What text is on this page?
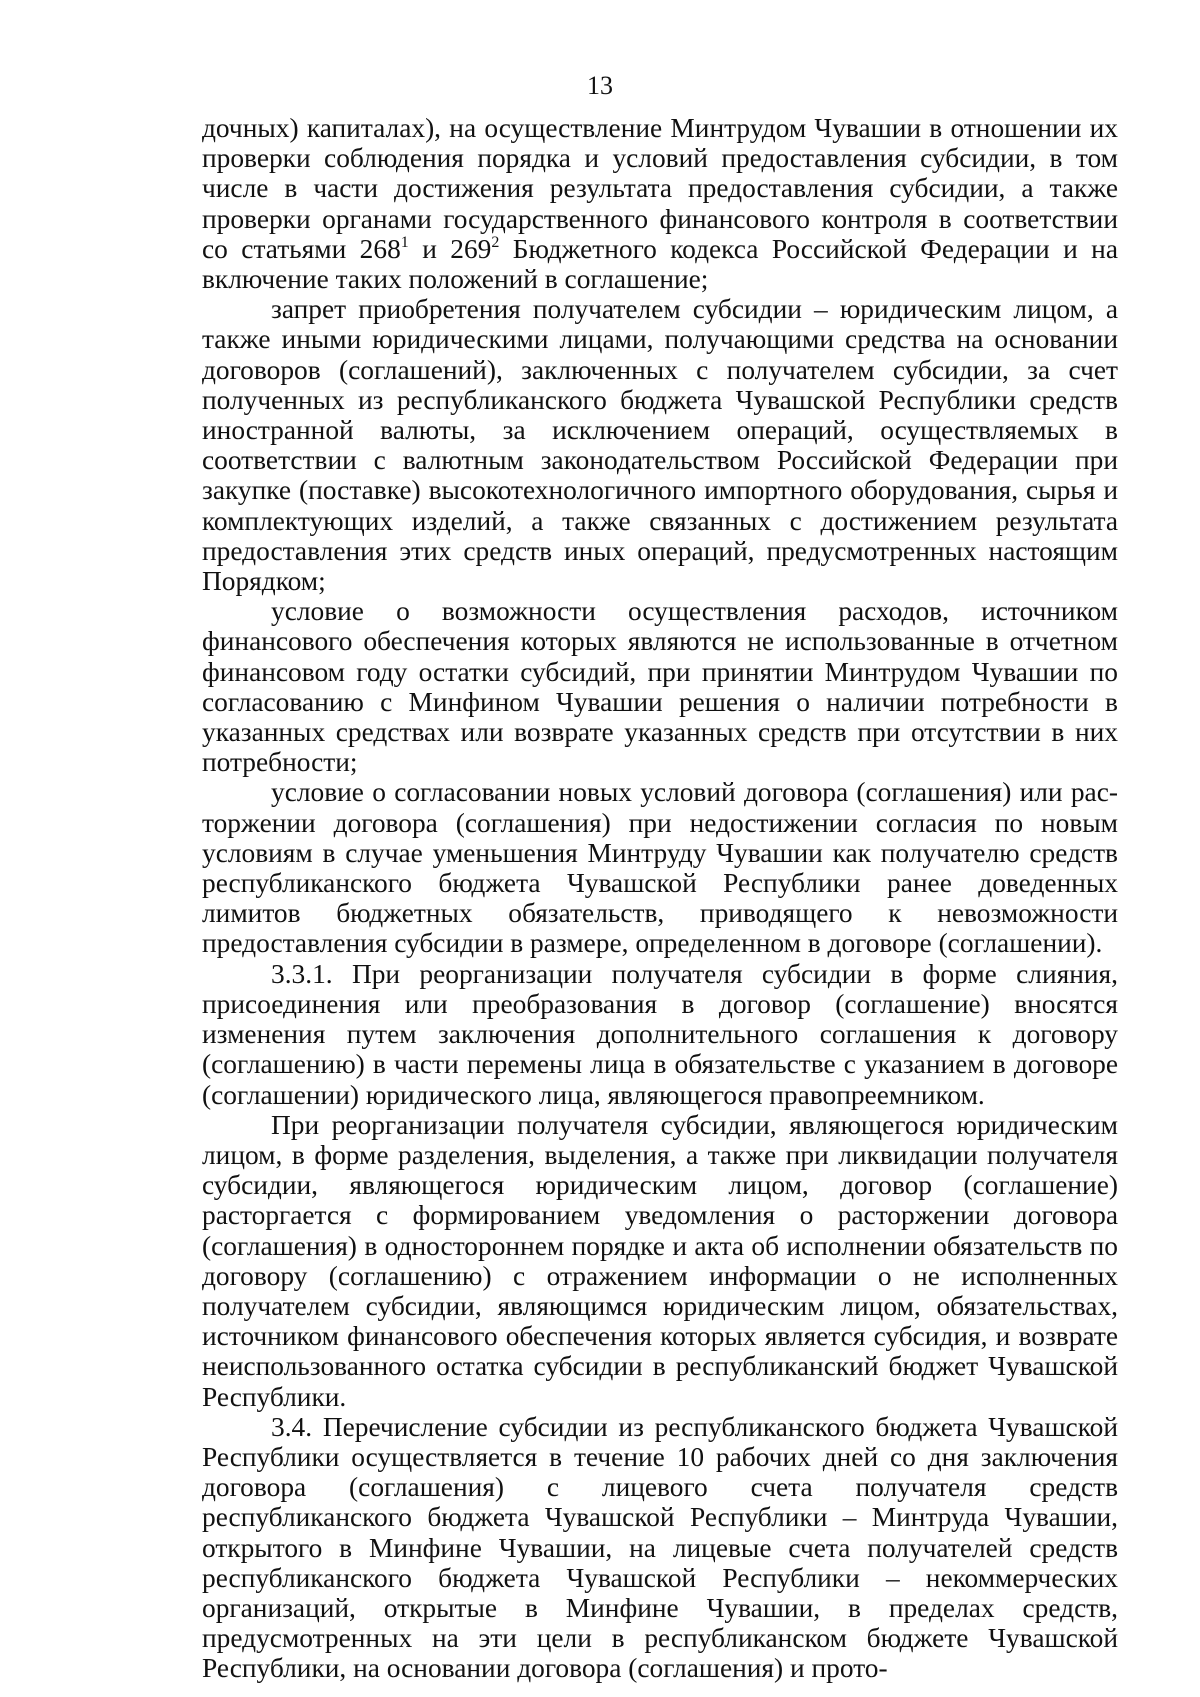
13

дочных) капиталах), на осуществление Минтрудом Чувашии в отношении их проверки соблюдения порядка и условий предоставления субсидии, в том числе в части достижения результата предоставления субсидии, а также проверки органами государственного финансового контроля в соответствии со статьями $268^1$ и $269^2$ Бюджетного кодекса Российской Федерации и на включение таких положений в соглашение;

запрет приобретения получателем субсидии – юридическим лицом, а также иными юридическими лицами, получающими средства на основании договоров (соглашений), заключенных с получателем субсидии, за счет полученных из республиканского бюджета Чувашской Республики средств иностранной валюты, за исключением операций, осуществляемых в соответствии с валютным законодательством Российской Федерации при закупке (поставке) высокотехнологичного импортного оборудования, сырья и комплектующих изделий, а также связанных с достижением результата предоставления этих средств иных операций, предусмотренных настоящим Порядком;

условие о возможности осуществления расходов, источником финансового обеспечения которых являются не использованные в отчетном финансовом году остатки субсидий, при принятии Минтрудом Чувашии по согласованию с Минфином Чувашии решения о наличии потребности в указанных средствах или возврате указанных средств при отсутствии в них потребности;

условие о согласовании новых условий договора (соглашения) или расторжении договора (соглашения) при недостижении согласия по новым условиям в случае уменьшения Минтруду Чувашии как получателю средств республиканского бюджета Чувашской Республики ранее доведенных лимитов бюджетных обязательств, приводящего к невозможности предоставления субсидии в размере, определенном в договоре (соглашении).

3.3.1. При реорганизации получателя субсидии в форме слияния, присоединения или преобразования в договор (соглашение) вносятся изменения путем заключения дополнительного соглашения к договору (соглашению) в части перемены лица в обязательстве с указанием в договоре (соглашении) юридического лица, являющегося правопреемником.

При реорганизации получателя субсидии, являющегося юридическим лицом, в форме разделения, выделения, а также при ликвидации получателя субсидии, являющегося юридическим лицом, договор (соглашение) расторгается с формированием уведомления о расторжении договора (соглашения) в одностороннем порядке и акта об исполнении обязательств по договору (соглашению) с отражением информации о не исполненных получателем субсидии, являющимся юридическим лицом, обязательствах, источником финансового обеспечения которых является субсидия, и возврате неиспользованного остатка субсидии в республиканский бюджет Чувашской Республики.

3.4. Перечисление субсидии из республиканского бюджета Чувашской Республики осуществляется в течение 10 рабочих дней со дня заключения договора (соглашения) с лицевого счета получателя средств республиканского бюджета Чувашской Республики – Минтруда Чувашии, открытого в Минфине Чувашии, на лицевые счета получателей средств республиканского бюджета Чувашской Республики – некоммерческих организаций, открытые в Минфине Чувашии, в пределах средств, предусмотренных на эти цели в республиканском бюджете Чувашской Республики, на основании договора (соглашения) и прото-
